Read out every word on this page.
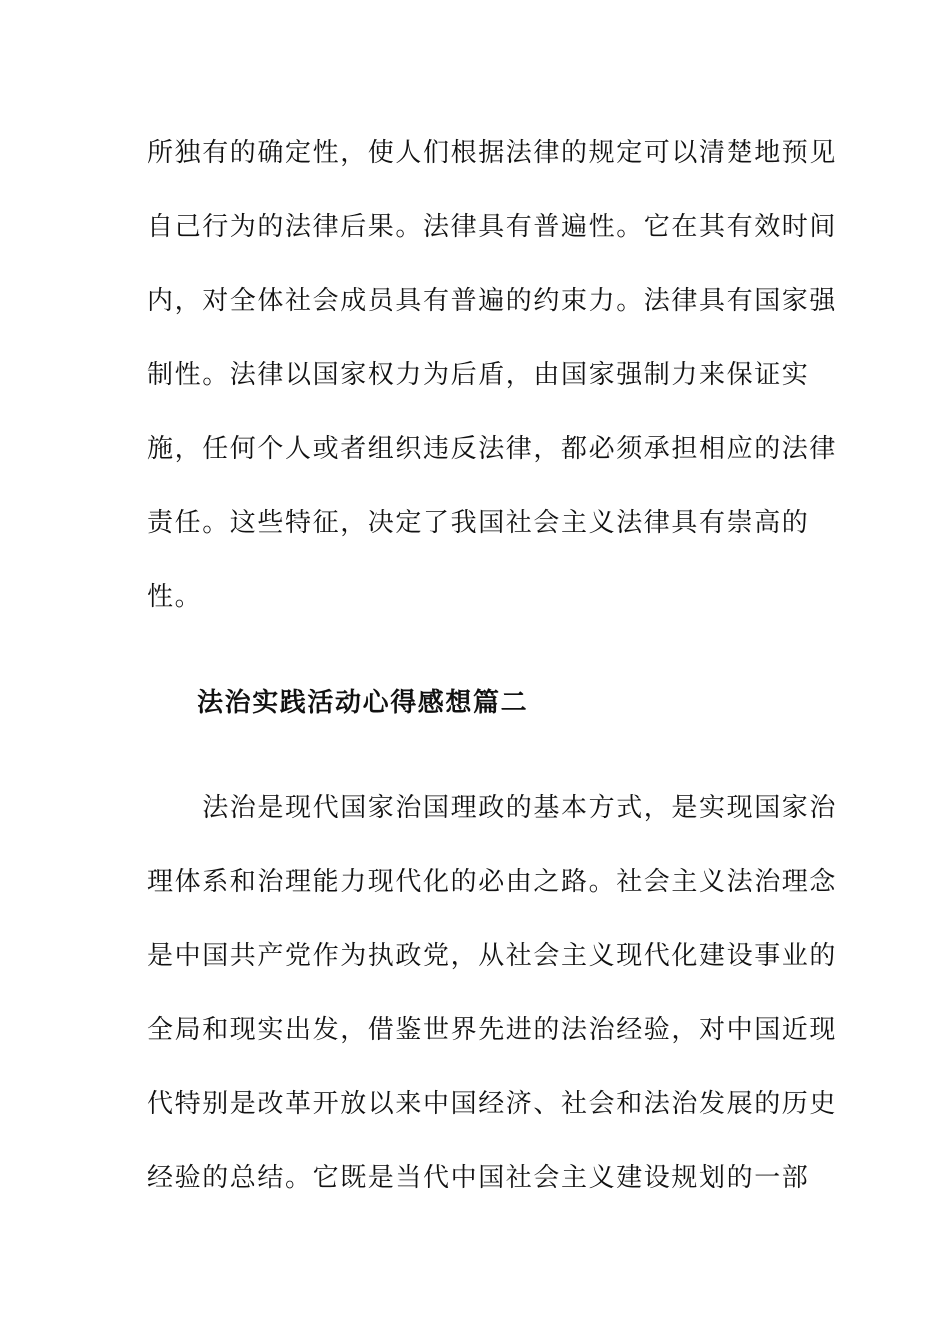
所独有的确定性，使人们根据法律的规定可以清楚地预见
自己行为的法律后果。法律具有普遍性。它在其有效时间
内，对全体社会成员具有普遍的约束力。法律具有国家强
制性。法律以国家权力为后盾，由国家强制力来保证实
施，任何个人或者组织违反法律，都必须承担相应的法律
责任。这些特征，决定了我国社会主义法律具有崇高的
性。
法治实践活动心得感想篇二
　　法治是现代国家治国理政的基本方式，是实现国家治
理体系和治理能力现代化的必由之路。社会主义法治理念
是中国共产党作为执政党，从社会主义现代化建设事业的
全局和现实出发，借鉴世界先进的法治经验，对中国近现
代特别是改革开放以来中国经济、社会和法治发展的历史
经验的总结。它既是当代中国社会主义建设规划的一部
